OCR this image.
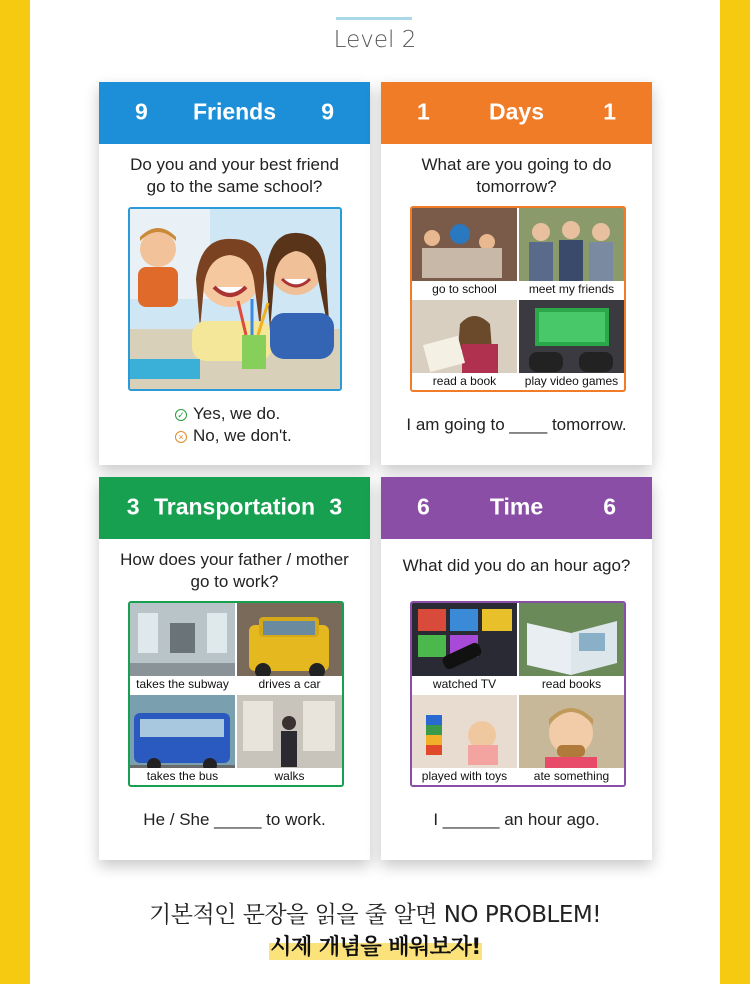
Level 2
9	Friends	9
Do you and your best friend
go to the same school?
✓ Yes, we do.
× No, we don't.
1	Days	1
What are you going to do
tomorrow?
go to school	meet my friends
read a book	play video games
I am going to ____ tomorrow.
3 Transportation 3
How does your father / mother
go to work?
takes the subway	drives a car
takes the bus	walks
He / She _____ to work.
6	Time	6
What did you do an hour ago?
watched TV	read books
played with toys	ate something
I ______ an hour ago.
기본적인 문장을 읽을 줄 알면 NO PROBLEM!
시제 개념을 배워보자!
